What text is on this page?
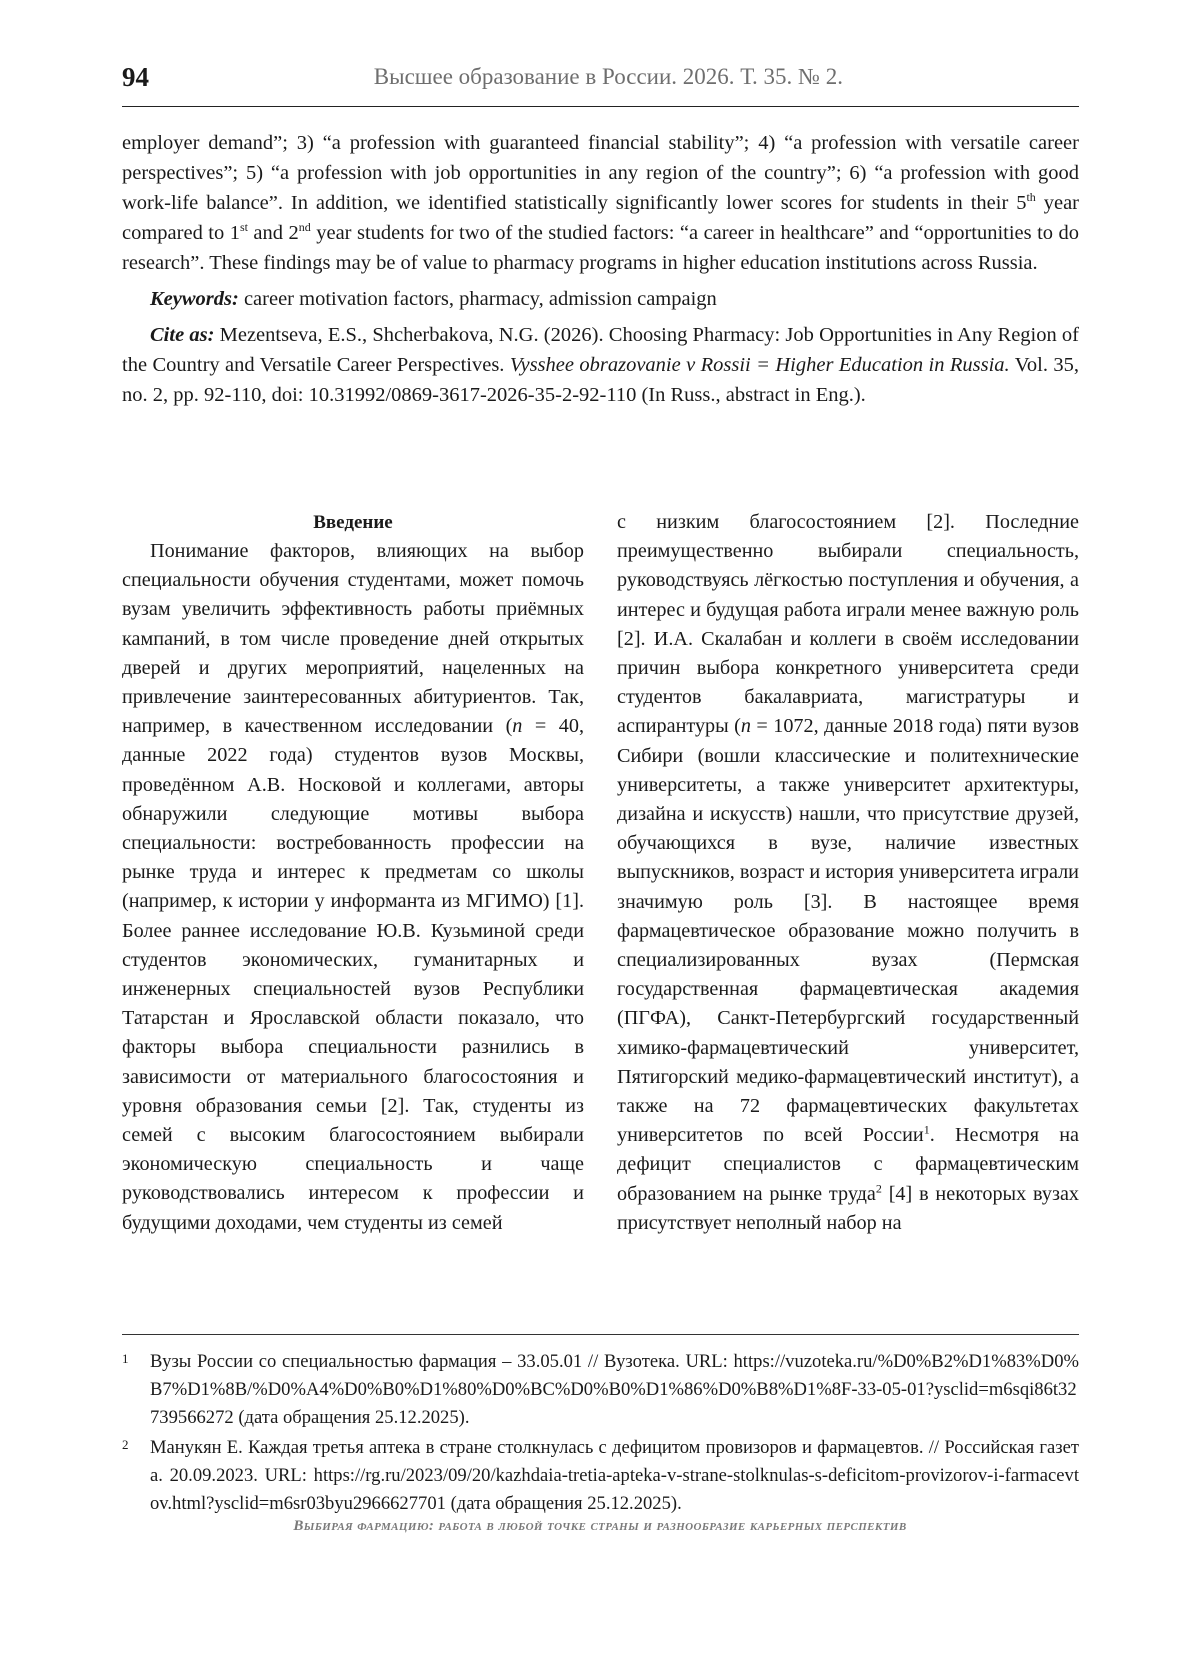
94	Высшее образование в России. 2026. Т. 35. № 2.

employer demand”; 3) “a profession with guaranteed financial stability”; 4) “a profession with versatile career perspectives”; 5) “a profession with job opportunities in any region of the country”; 6) “a profession with good work-life balance”. In addition, we identified statistically significantly lower scores for students in their 5th year compared to 1st and 2nd year students for two of the studied factors: “a career in healthcare” and “opportunities to do research”. These findings may be of value to pharmacy programs in higher education institutions across Russia.

Keywords: career motivation factors, pharmacy, admission campaign

Cite as: Mezentseva, E.S., Shcherbakova, N.G. (2026). Choosing Pharmacy: Job Opportunities in Any Region of the Country and Versatile Career Perspectives. Vysshee obrazovanie v Rossii = Higher Education in Russia. Vol. 35, no. 2, pp. 92-110, doi: 10.31992/0869-3617-2026-35-2-92-110 (In Russ., abstract in Eng.).

Введение

Понимание факторов, влияющих на выбор специальности обучения студентами, может помочь вузам увеличить эффективность работы приёмных кампаний, в том числе проведение дней открытых дверей и других мероприятий, нацеленных на привлечение заинтересованных абитуриентов. Так, например, в качественном исследовании (n = 40, данные 2022 года) студентов вузов Москвы, проведённом А.В. Носковой и коллегами, авторы обнаружили следующие мотивы выбора специальности: востребованность профессии на рынке труда и интерес к предметам со школы (например, к истории у информанта из МГИМО) [1]. Более раннее исследование Ю.В. Кузьминой среди студентов экономических, гуманитарных и инженерных специальностей вузов Республики Татарстан и Ярославской области показало, что факторы выбора специальности разнились в зависимости от материального благосостояния и уровня образования семьи [2]. Так, студенты из семей с высоким благосостоянием выбирали экономическую специальность и чаще руководствовались интересом к профессии и будущими доходами, чем студенты из семей

с низким благосостоянием [2]. Последние преимущественно выбирали специальность, руководствуясь лёгкостью поступления и обучения, а интерес и будущая работа играли менее важную роль [2]. И.А. Скалабан и коллеги в своём исследовании причин выбора конкретного университета среди студентов бакалавриата, магистратуры и аспирантуры (n = 1072, данные 2018 года) пяти вузов Сибири (вошли классические и политехнические университеты, а также университет архитектуры, дизайна и искусств) нашли, что присутствие друзей, обучающихся в вузе, наличие известных выпускников, возраст и история университета играли значимую роль [3]. В настоящее время фармацевтическое образование можно получить в специализированных вузах (Пермская государственная фармацевтическая академия (ПГФА), Санкт-Петербургский государственный химико-фармацевтический университет, Пятигорский медико-фармацевтический институт), а также на 72 фармацевтических факультетах университетов по всей России$^1$. Несмотря на дефицит специалистов с фармацевтическим образованием на рынке труда$^2$ [4] в некоторых вузах присутствует неполный набор на

1 Вузы России со специальностью фармация – 33.05.01 // Вузотека. URL: https://vuzoteka.ru/%D0%B2%D1%83%D0%B7%D1%8B/%D0%A4%D0%B0%D1%80%D0%BC%D0%B0%D1%86%D0%B8%D1%8F-33-05-01?ysclid=m6sqi86t32739566272 (дата обращения 25.12.2025).
2 Манукян Е. Каждая третья аптека в стране столкнулась с дефицитом провизоров и фармацевтов. // Российская газета. 20.09.2023. URL: https://rg.ru/2023/09/20/kazhdaia-tretia-apteka-v-strane-stolknulas-s-deficitom-provizorov-i-farmacevtov.html?ysclid=m6sr03byu2966627701 (дата обращения 25.12.2025).
Выбирая фармацию: работа в любой точке страны и разнообразие карьерных перспектив
